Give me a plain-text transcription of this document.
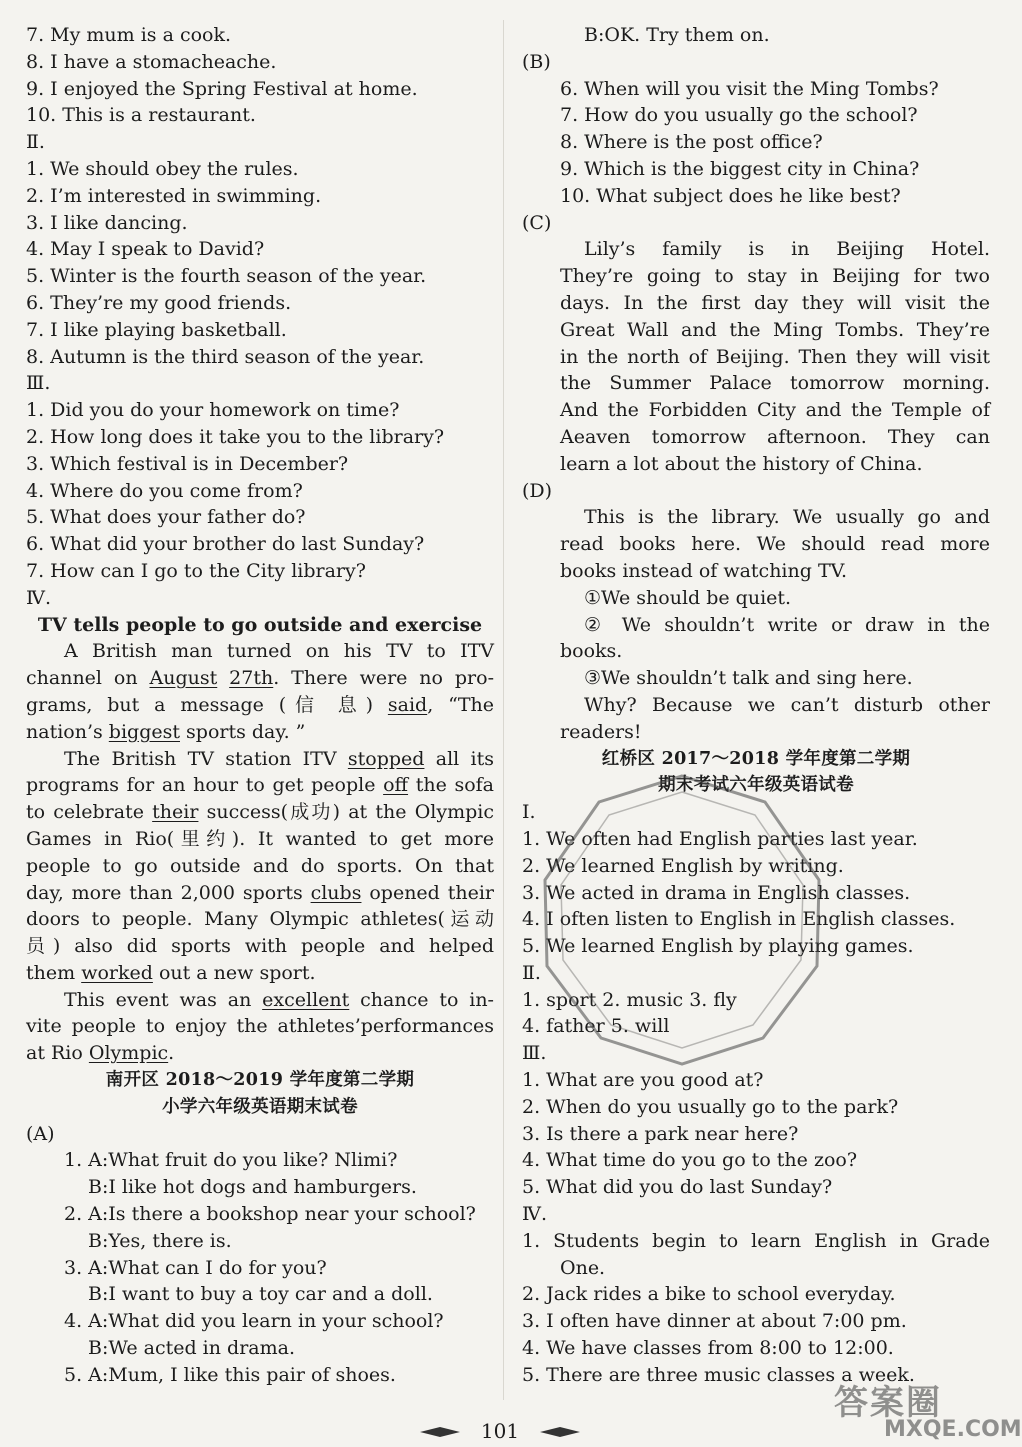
7. My mum is a cook.
8. I have a stomacheache.
9. I enjoyed the Spring Festival at home.
10. This is a restaurant.
Ⅱ.
1. We should obey the rules.
2. I’m interested in swimming.
3. I like dancing.
4. May I speak to David?
5. Winter is the fourth season of the year.
6. They’re my good friends.
7. I like playing basketball.
8. Autumn is the third season of the year.
Ⅲ.
1. Did you do your homework on time?
2. How long does it take you to the library?
3. Which festival is in December?
4. Where do you come from?
5. What does your father do?
6. What did your brother do last Sunday?
7. How can I go to the City library?
Ⅳ.
TV tells people to go outside and exercise
A British man turned on his TV to ITV
channel on August 27th. There were no pro-
grams, but a message (信 息) said, “The
nation’s biggest sports day. ”
The British TV station ITV stopped all its
programs for an hour to get people off the sofa
to celebrate their success(成功) at the Olympic
Games in Rio(里约). It wanted to get more
people to go outside and do sports. On that
day, more than 2,000 sports clubs opened their
doors to people. Many Olympic athletes(运动
员) also did sports with people and helped
them worked out a new sport.
This event was an excellent chance to in-
vite people to enjoy the athletes’performances
at Rio Olympic.
南开区 2018～2019 学年度第二学期
小学六年级英语期末试卷
(A)
1. A:What fruit do you like? Nlimi?
B:I like hot dogs and hamburgers.
2. A:Is there a bookshop near your school?
B:Yes, there is.
3. A:What can I do for you?
B:I want to buy a toy car and a doll.
4. A:What did you learn in your school?
B:We acted in drama.
5. A:Mum, I like this pair of shoes.
B:OK. Try them on.
(B)
6. When will you visit the Ming Tombs?
7. How do you usually go the school?
8. Where is the post office?
9. Which is the biggest city in China?
10. What subject does he like best?
(C)
Lily’s family is in Beijing Hotel.
They’re going to stay in Beijing for two
days. In the first day they will visit the
Great Wall and the Ming Tombs. They’re
in the north of Beijing. Then they will visit
the Summer Palace tomorrow morning.
And the Forbidden City and the Temple of
Aeaven tomorrow afternoon. They can
learn a lot about the history of China.
(D)
This is the library. We usually go and
read books here. We should read more
books instead of watching TV.
①We should be quiet.
② We shouldn’t write or draw in the
books.
③We shouldn’t talk and sing here.
Why? Because we can’t disturb other
readers!
红桥区 2017～2018 学年度第二学期
期末考试六年级英语试卷
Ⅰ.
1. We often had English parties last year.
2. We learned English by writing.
3. We acted in drama in English classes.
4. I often listen to English in English classes.
5. We learned English by playing games.
Ⅱ.
1. sport 2. music 3. fly
4. father 5. will
Ⅲ.
1. What are you good at?
2. When do you usually go to the park?
3. Is there a park near here?
4. What time do you go to the zoo?
5. What did you do last Sunday?
Ⅳ.
1. Students begin to learn English in Grade
One.
2. Jack rides a bike to school everyday.
3. I often have dinner at about 7:00 pm.
4. We have classes from 8:00 to 12:00.
5. There are three music classes a week.
答案圈
MXQE.COM
101
